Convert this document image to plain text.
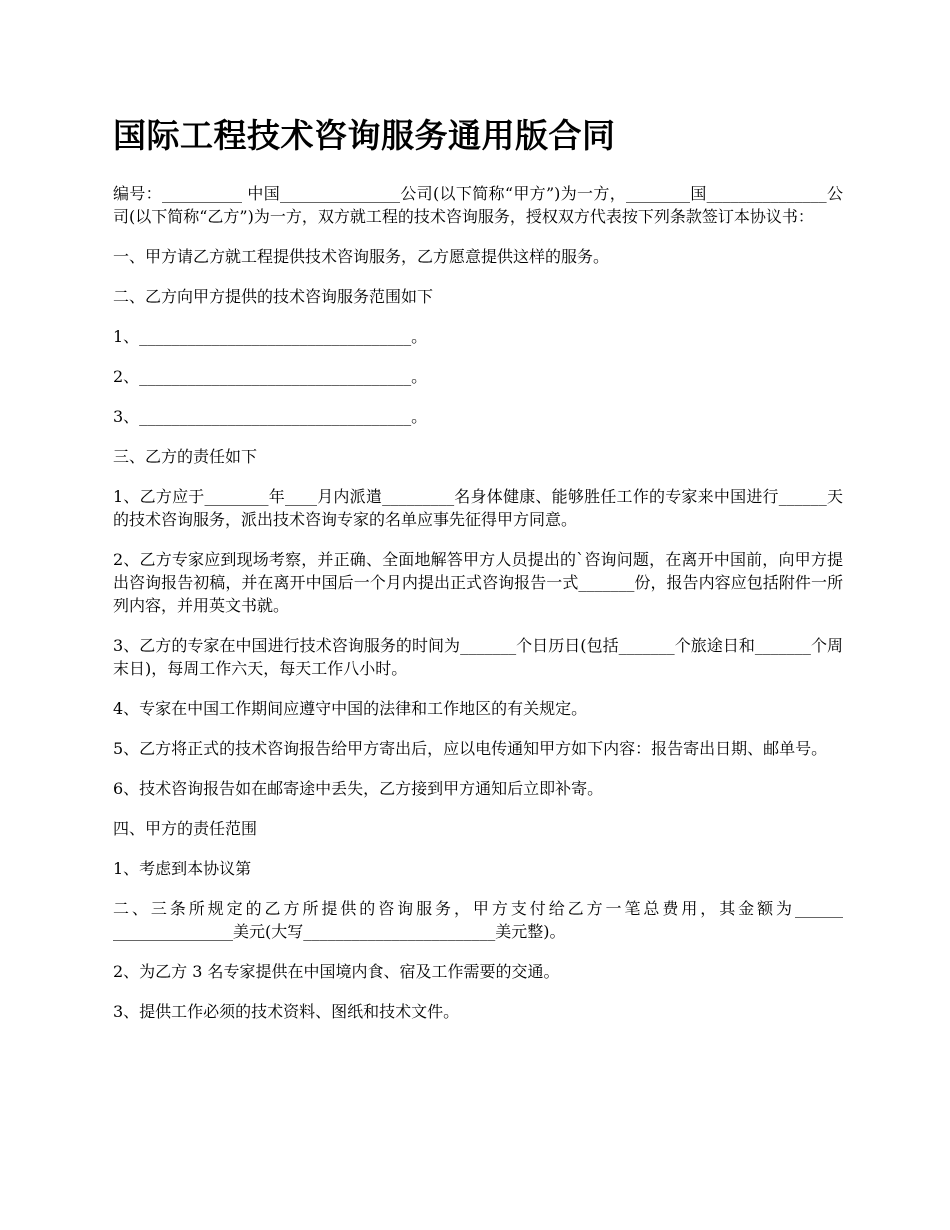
国际工程技术咨询服务通用版合同

编号：__________ 中国_______________公司(以下简称“甲方”)为一方，________国_______________公司(以下简称“乙方”)为一方，双方就工程的技术咨询服务，授权双方代表按下列条款签订本协议书：

一、甲方请乙方就工程提供技术咨询服务，乙方愿意提供这样的服务。

二、乙方向甲方提供的技术咨询服务范围如下

1、__________________________________。

2、__________________________________。

3、__________________________________。

三、乙方的责任如下

1、乙方应于________年____月内派遣_________名身体健康、能够胜任工作的专家来中国进行______天的技术咨询服务，派出技术咨询专家的名单应事先征得甲方同意。

2、乙方专家应到现场考察，并正确、全面地解答甲方人员提出的`咨询问题，在离开中国前，向甲方提出咨询报告初稿，并在离开中国后一个月内提出正式咨询报告一式_______份，报告内容应包括附件一所列内容，并用英文书就。

3、乙方的专家在中国进行技术咨询服务的时间为_______个日历日(包括_______个旅途日和_______个周末日)，每周工作六天，每天工作八小时。

4、专家在中国工作期间应遵守中国的法律和工作地区的有关规定。

5、乙方将正式的技术咨询报告给甲方寄出后，应以电传通知甲方如下内容：报告寄出日期、邮单号。

6、技术咨询报告如在邮寄途中丢失，乙方接到甲方通知后立即补寄。

四、甲方的责任范围

1、考虑到本协议第

二、三条所规定的乙方所提供的咨询服务，甲方支付给乙方一笔总费用，其金额为______ _______________美元(大写________________________美元整)。

2、为乙方 3 名专家提供在中国境内食、宿及工作需要的交通。

3、提供工作必须的技术资料、图纸和技术文件。
